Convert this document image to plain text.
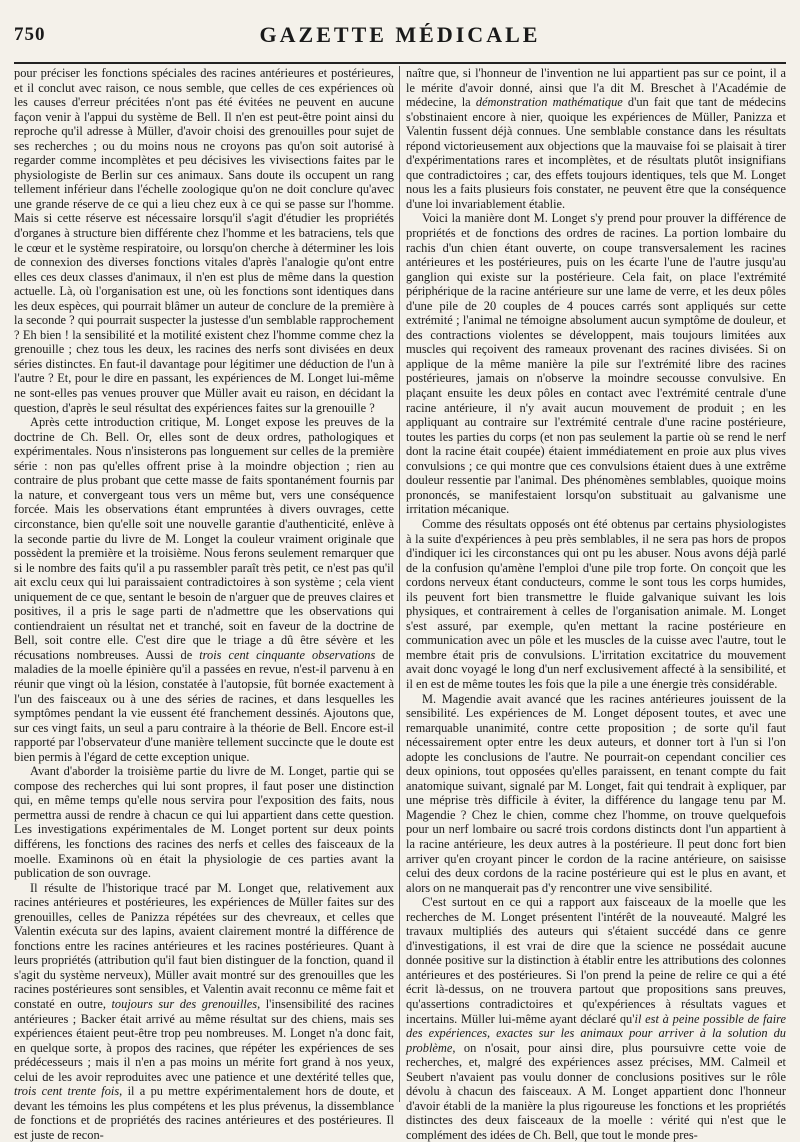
750	GAZETTE MÉDICALE

pour préciser les fonctions spéciales des racines antérieures et postérieures, et il conclut avec raison, ce nous semble, que celles de ces expériences où les causes d'erreur précitées n'ont pas été évitées ne peuvent en aucune façon venir à l'appui du système de Bell. Il n'en est peut-être point ainsi du reproche qu'il adresse à Müller, d'avoir choisi des grenouilles pour sujet de ses recherches ; ou du moins nous ne croyons pas qu'on soit autorisé à regarder comme incomplètes et peu décisives les vivisections faites par le physiologiste de Berlin sur ces animaux. Sans doute ils occupent un rang tellement inférieur dans l'échelle zoologique qu'on ne doit conclure qu'avec une grande réserve de ce qui a lieu chez eux à ce qui se passe sur l'homme. Mais si cette réserve est nécessaire lorsqu'il s'agit d'étudier les propriétés d'organes à structure bien différente chez l'homme et les batraciens, tels que le cœur et le système respiratoire, ou lorsqu'on cherche à déterminer les lois de connexion des diverses fonctions vitales d'après l'analogie qu'ont entre elles ces deux classes d'animaux, il n'en est plus de même dans la question actuelle. Là, où l'organisation est une, où les fonctions sont identiques dans les deux espèces, qui pourrait blâmer un auteur de conclure de la première à la seconde ? qui pourrait suspecter la justesse d'un semblable rapprochement ? Eh bien ! la sensibilité et la motilité existent chez l'homme comme chez la grenouille ; chez tous les deux, les racines des nerfs sont divisées en deux séries distinctes. En faut-il davantage pour légitimer une déduction de l'un à l'autre ? Et, pour le dire en passant, les expériences de M. Longet lui-même ne sont-elles pas venues prouver que Müller avait eu raison, en décidant la question, d'après le seul résultat des expériences faites sur la grenouille ?

Après cette introduction critique, M. Longet expose les preuves de la doctrine de Ch. Bell. Or, elles sont de deux ordres, pathologiques et expérimentales. Nous n'insisterons pas longuement sur celles de la première série : non pas qu'elles offrent prise à la moindre objection ; rien au contraire de plus probant que cette masse de faits spontanément fournis par la nature, et convergeant tous vers un même but, vers une conséquence forcée. Mais les observations étant empruntées à divers ouvrages, cette circonstance, bien qu'elle soit une nouvelle garantie d'authenticité, enlève à la seconde partie du livre de M. Longet la couleur vraiment originale que possèdent la première et la troisième. Nous ferons seulement remarquer que si le nombre des faits qu'il a pu rassembler paraît très petit, ce n'est pas qu'il ait exclu ceux qui lui paraissaient contradictoires à son système ; cela vient uniquement de ce que, sentant le besoin de n'arguer que de preuves claires et positives, il a pris le sage parti de n'admettre que les observations qui contiendraient un résultat net et tranché, soit en faveur de la doctrine de Bell, soit contre elle. C'est dire que le triage a dû être sévère et les récusations nombreuses. Aussi de trois cent cinquante observations de maladies de la moelle épinière qu'il a passées en revue, n'est-il parvenu à en réunir que vingt où la lésion, constatée à l'autopsie, fût bornée exactement à l'un des faisceaux ou à une des séries de racines, et dans lesquelles les symptômes pendant la vie eussent été franchement dessinés. Ajoutons que, sur ces vingt faits, un seul a paru contraire à la théorie de Bell. Encore est-il rapporté par l'observateur d'une manière tellement succincte que le doute est bien permis à l'égard de cette exception unique.

Avant d'aborder la troisième partie du livre de M. Longet, partie qui se compose des recherches qui lui sont propres, il faut poser une distinction qui, en même temps qu'elle nous servira pour l'exposition des faits, nous permettra aussi de rendre à chacun ce qui lui appartient dans cette question. Les investigations expérimentales de M. Longet portent sur deux points différens, les fonctions des racines des nerfs et celles des faisceaux de la moelle. Examinons où en était la physiologie de ces parties avant la publication de son ouvrage.

Il résulte de l'historique tracé par M. Longet que, relativement aux racines antérieures et postérieures, les expériences de Müller faites sur des grenouilles, celles de Panizza répétées sur des chevreaux, et celles que Valentin exécuta sur des lapins, avaient clairement montré la différence de fonctions entre les racines antérieures et les racines postérieures. Quant à leurs propriétés (attribution qu'il faut bien distinguer de la fonction, quand il s'agit du système nerveux), Müller avait montré sur des grenouilles que les racines postérieures sont sensibles, et Valentin avait reconnu ce même fait et constaté en outre, toujours sur des grenouilles, l'insensibilité des racines antérieures ; Backer était arrivé au même résultat sur des chiens, mais ses expériences étaient peut-être trop peu nombreuses. M. Longet n'a donc fait, en quelque sorte, à propos des racines, que répéter les expériences de ses prédécesseurs ; mais il n'en a pas moins un mérite fort grand à nos yeux, celui de les avoir reproduites avec une patience et une dextérité telles que, trois cent trente fois, il a pu mettre expérimentalement hors de doute, et devant les témoins les plus compétens et les plus prévenus, la dissemblance de fonctions et de propriétés des racines antérieures et des postérieures. Il est juste de recon-

naître que, si l'honneur de l'invention ne lui appartient pas sur ce point, il a le mérite d'avoir donné, ainsi que l'a dit M. Breschet à l'Académie de médecine, la démonstration mathématique d'un fait que tant de médecins s'obstinaient encore à nier, quoique les expériences de Müller, Panizza et Valentin fussent déjà connues. Une semblable constance dans les résultats répond victorieusement aux objections que la mauvaise foi se plaisait à tirer d'expérimentations rares et incomplètes, et de résultats plutôt insignifians que contradictoires ; car, des effets toujours identiques, tels que M. Longet nous les a faits plusieurs fois constater, ne peuvent être que la conséquence d'une loi invariablement établie.

Voici la manière dont M. Longet s'y prend pour prouver la différence de propriétés et de fonctions des ordres de racines. La portion lombaire du rachis d'un chien étant ouverte, on coupe transversalement les racines antérieures et les postérieures, puis on les écarte l'une de l'autre jusqu'au ganglion qui existe sur la postérieure. Cela fait, on place l'extrémité périphérique de la racine antérieure sur une lame de verre, et les deux pôles d'une pile de 20 couples de 4 pouces carrés sont appliqués sur cette extrémité ; l'animal ne témoigne absolument aucun symptôme de douleur, et des contractions violentes se développent, mais toujours limitées aux muscles qui reçoivent des rameaux provenant des racines divisées. Si on applique de la même manière la pile sur l'extrémité libre des racines postérieures, jamais on n'observe la moindre secousse convulsive. En plaçant ensuite les deux pôles en contact avec l'extrémité centrale d'une racine antérieure, il n'y avait aucun mouvement de produit ; en les appliquant au contraire sur l'extrémité centrale d'une racine postérieure, toutes les parties du corps (et non pas seulement la partie où se rend le nerf dont la racine était coupée) étaient immédiatement en proie aux plus vives convulsions ; ce qui montre que ces convulsions étaient dues à une extrême douleur ressentie par l'animal. Des phénomènes semblables, quoique moins prononcés, se manifestaient lorsqu'on substituait au galvanisme une irritation mécanique.

Comme des résultats opposés ont été obtenus par certains physiologistes à la suite d'expériences à peu près semblables, il ne sera pas hors de propos d'indiquer ici les circonstances qui ont pu les abuser. Nous avons déjà parlé de la confusion qu'amène l'emploi d'une pile trop forte. On conçoit que les cordons nerveux étant conducteurs, comme le sont tous les corps humides, ils peuvent fort bien transmettre le fluide galvanique suivant les lois physiques, et contrairement à celles de l'organisation animale. M. Longet s'est assuré, par exemple, qu'en mettant la racine postérieure en communication avec un pôle et les muscles de la cuisse avec l'autre, tout le membre était pris de convulsions. L'irritation excitatrice du mouvement avait donc voyagé le long d'un nerf exclusivement affecté à la sensibilité, et il en est de même toutes les fois que la pile a une énergie très considérable.

M. Magendie avait avancé que les racines antérieures jouissent de la sensibilité. Les expériences de M. Longet déposent toutes, et avec une remarquable unanimité, contre cette proposition ; de sorte qu'il faut nécessairement opter entre les deux auteurs, et donner tort à l'un si l'on adopte les conclusions de l'autre. Ne pourrait-on cependant concilier ces deux opinions, tout opposées qu'elles paraissent, en tenant compte du fait anatomique suivant, signalé par M. Longet, fait qui tendrait à expliquer, par une méprise très difficile à éviter, la différence du langage tenu par M. Magendie ? Chez le chien, comme chez l'homme, on trouve quelquefois pour un nerf lombaire ou sacré trois cordons distincts dont l'un appartient à la racine antérieure, les deux autres à la postérieure. Il peut donc fort bien arriver qu'en croyant pincer le cordon de la racine antérieure, on saisisse celui des deux cordons de la racine postérieure qui est le plus en avant, et alors on ne manquerait pas d'y rencontrer une vive sensibilité.

C'est surtout en ce qui a rapport aux faisceaux de la moelle que les recherches de M. Longet présentent l'intérêt de la nouveauté. Malgré les travaux multipliés des auteurs qui s'étaient succédé dans ce genre d'investigations, il est vrai de dire que la science ne possédait aucune donnée positive sur la distinction à établir entre les attributions des colonnes antérieures et des postérieures. Si l'on prend la peine de relire ce qui a été écrit là-dessus, on ne trouvera partout que propositions sans preuves, qu'assertions contradictoires et qu'expériences à résultats vagues et incertains. Müller lui-même ayant déclaré qu'il est à peine possible de faire des expériences, exactes sur les animaux pour arriver à la solution du problème, on n'osait, pour ainsi dire, plus poursuivre cette voie de recherches, et, malgré des expériences assez précises, MM. Calmeil et Seubert n'avaient pas voulu donner de conclusions positives sur le rôle dévolu à chacun des faisceaux. A M. Longet appartient donc l'honneur d'avoir établi de la manière la plus rigoureuse les fonctions et les propriétés distinctes des deux faisceaux de la moelle : vérité qui n'est que le complément des idées de Ch. Bell, que tout le monde pres-
